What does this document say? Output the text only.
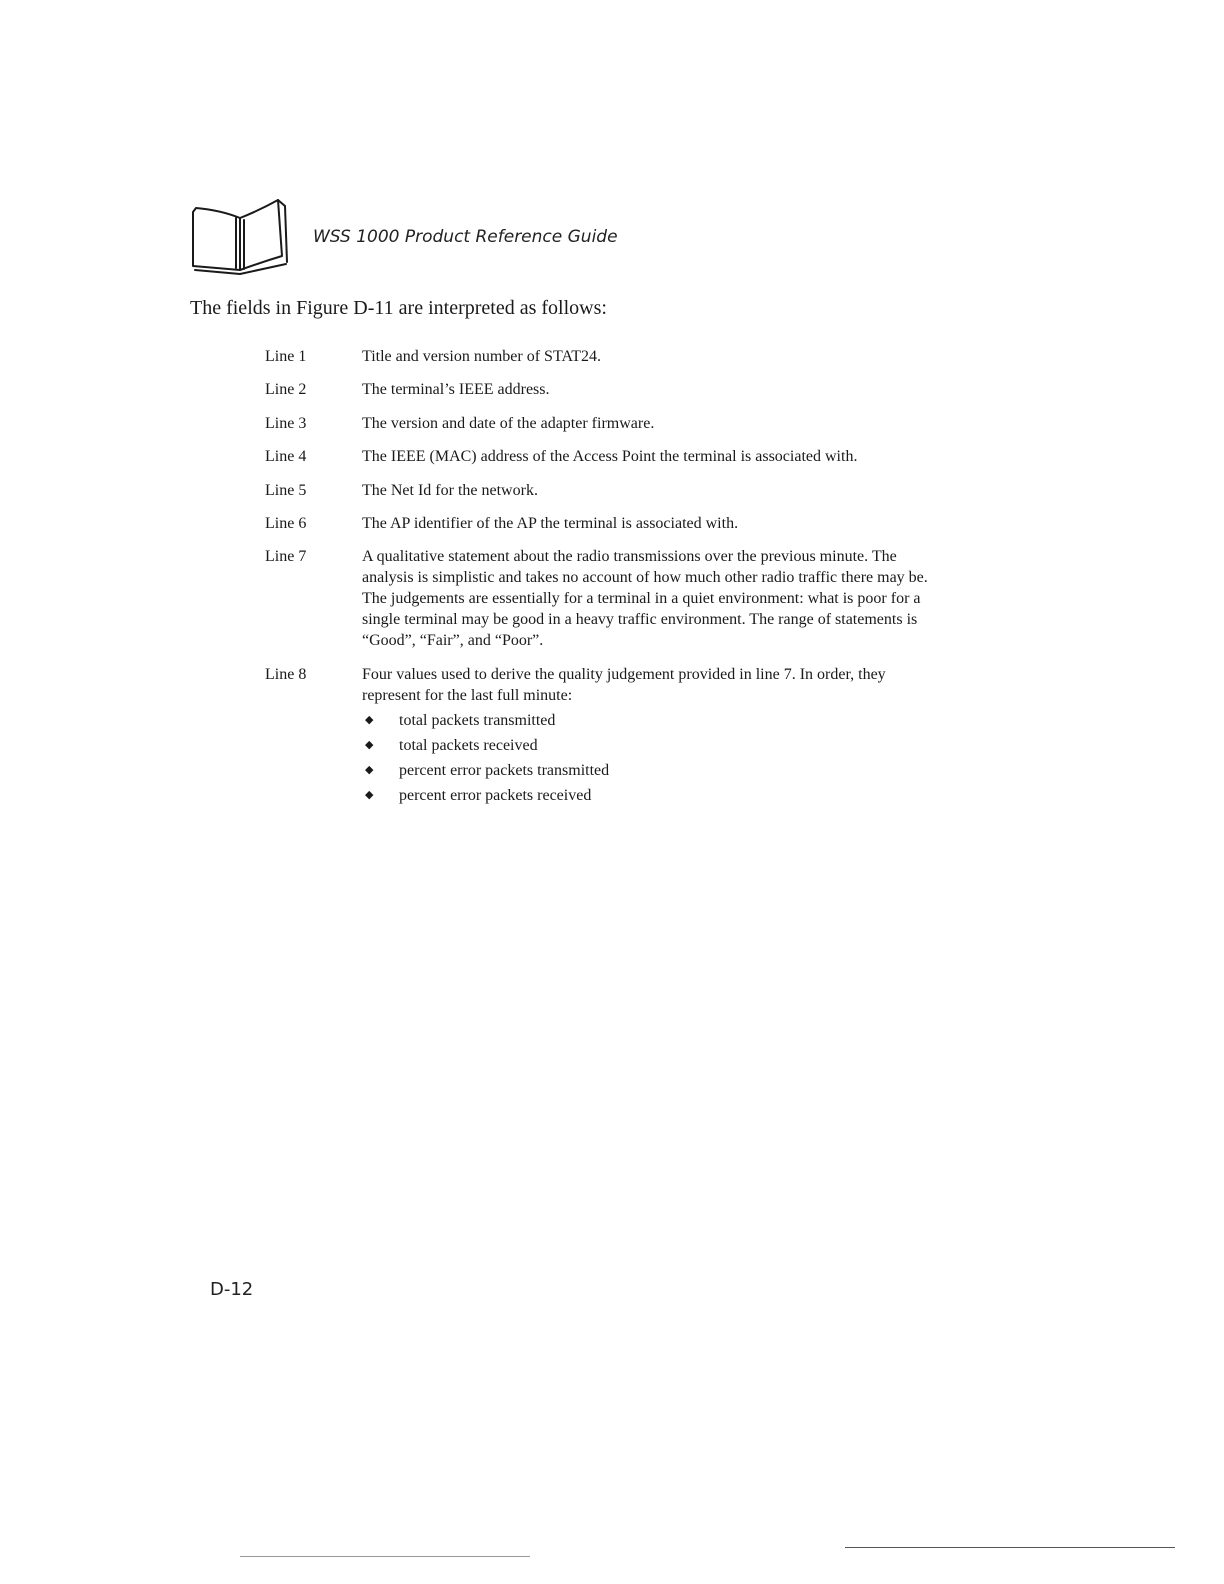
WSS 1000 Product Reference Guide
The fields in Figure D-11 are interpreted as follows:
Line 1	Title and version number of STAT24.
Line 2	The terminal’s IEEE address.
Line 3	The version and date of the adapter firmware.
Line 4	The IEEE (MAC) address of the Access Point the terminal is associated with.
Line 5	The Net Id for the network.
Line 6	The AP identifier of the AP the terminal is associated with.
Line 7	A qualitative statement about the radio transmissions over the previous minute. The analysis is simplistic and takes no account of how much other radio traffic there may be. The judgements are essentially for a terminal in a quiet environment: what is poor for a single terminal may be good in a heavy traffic environment. The range of statements is “Good”, “Fair”, and “Poor”.
Line 8	Four values used to derive the quality judgement provided in line 7. In order, they represent for the last full minute:
◆	total packets transmitted
◆	total packets received
◆	percent error packets transmitted
◆	percent error packets received
D-12
